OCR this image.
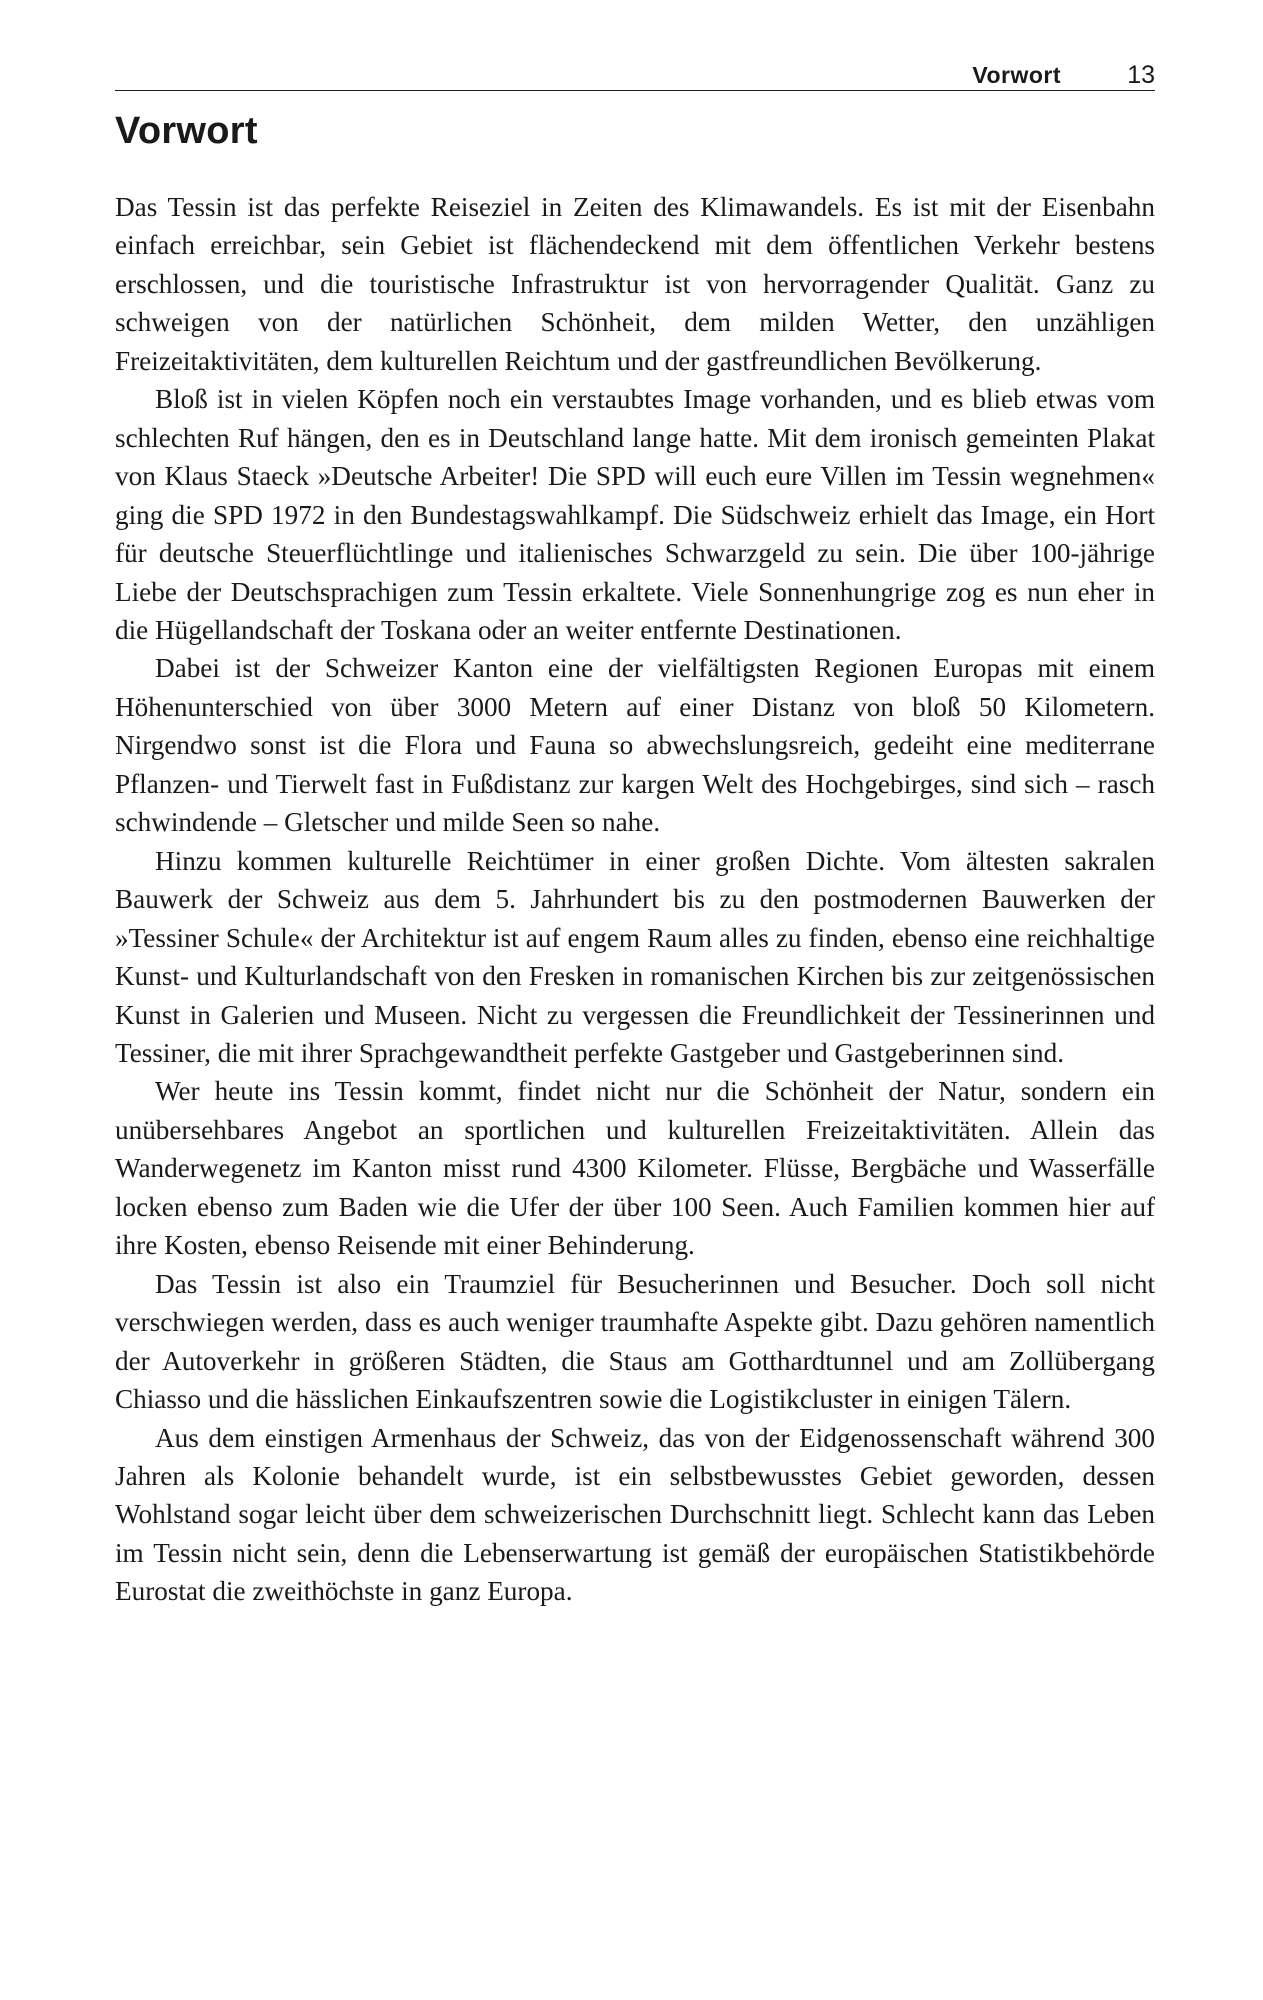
Vorwort	13
Vorwort

Das Tessin ist das perfekte Reiseziel in Zeiten des Klimawandels. Es ist mit der Eisenbahn einfach erreichbar, sein Gebiet ist flächendeckend mit dem öffentlichen Verkehr bestens erschlossen, und die touristische Infrastruktur ist von hervorragender Qualität. Ganz zu schweigen von der natürlichen Schönheit, dem milden Wetter, den unzähligen Freizeitaktivitäten, dem kulturellen Reichtum und der gastfreundlichen Bevölkerung.

Bloß ist in vielen Köpfen noch ein verstaubtes Image vorhanden, und es blieb etwas vom schlechten Ruf hängen, den es in Deutschland lange hatte. Mit dem ironisch gemeinten Plakat von Klaus Staeck »Deutsche Arbeiter! Die SPD will euch eure Villen im Tessin wegnehmen« ging die SPD 1972 in den Bundestagswahlkampf. Die Südschweiz erhielt das Image, ein Hort für deutsche Steuerflüchtlinge und italienisches Schwarzgeld zu sein. Die über 100-jährige Liebe der Deutschsprachigen zum Tessin erkaltete. Viele Sonnenhungrige zog es nun eher in die Hügellandschaft der Toskana oder an weiter entfernte Destinationen.

Dabei ist der Schweizer Kanton eine der vielfältigsten Regionen Europas mit einem Höhenunterschied von über 3000 Metern auf einer Distanz von bloß 50 Kilometern. Nirgendwo sonst ist die Flora und Fauna so abwechslungsreich, gedeiht eine mediterrane Pflanzen- und Tierwelt fast in Fußdistanz zur kargen Welt des Hochgebirges, sind sich – rasch schwindende – Gletscher und milde Seen so nahe.

Hinzu kommen kulturelle Reichtümer in einer großen Dichte. Vom ältesten sakralen Bauwerk der Schweiz aus dem 5. Jahrhundert bis zu den postmodernen Bauwerken der »Tessiner Schule« der Architektur ist auf engem Raum alles zu finden, ebenso eine reichhaltige Kunst- und Kulturlandschaft von den Fresken in romanischen Kirchen bis zur zeitgenössischen Kunst in Galerien und Museen. Nicht zu vergessen die Freundlichkeit der Tessinerinnen und Tessiner, die mit ihrer Sprachgewandtheit perfekte Gastgeber und Gastgeberinnen sind.

Wer heute ins Tessin kommt, findet nicht nur die Schönheit der Natur, sondern ein unübersehbares Angebot an sportlichen und kulturellen Freizeitaktivitäten. Allein das Wanderwegenetz im Kanton misst rund 4300 Kilometer. Flüsse, Bergbäche und Wasserfälle locken ebenso zum Baden wie die Ufer der über 100 Seen. Auch Familien kommen hier auf ihre Kosten, ebenso Reisende mit einer Behinderung.

Das Tessin ist also ein Traumziel für Besucherinnen und Besucher. Doch soll nicht verschwiegen werden, dass es auch weniger traumhafte Aspekte gibt. Dazu gehören namentlich der Autoverkehr in größeren Städten, die Staus am Gotthardtunnel und am Zollübergang Chiasso und die hässlichen Einkaufszentren sowie die Logistikcluster in einigen Tälern.

Aus dem einstigen Armenhaus der Schweiz, das von der Eidgenossenschaft während 300 Jahren als Kolonie behandelt wurde, ist ein selbstbewusstes Gebiet geworden, dessen Wohlstand sogar leicht über dem schweizerischen Durchschnitt liegt. Schlecht kann das Leben im Tessin nicht sein, denn die Lebenserwartung ist gemäß der europäischen Statistikbehörde Eurostat die zweithöchste in ganz Europa.
